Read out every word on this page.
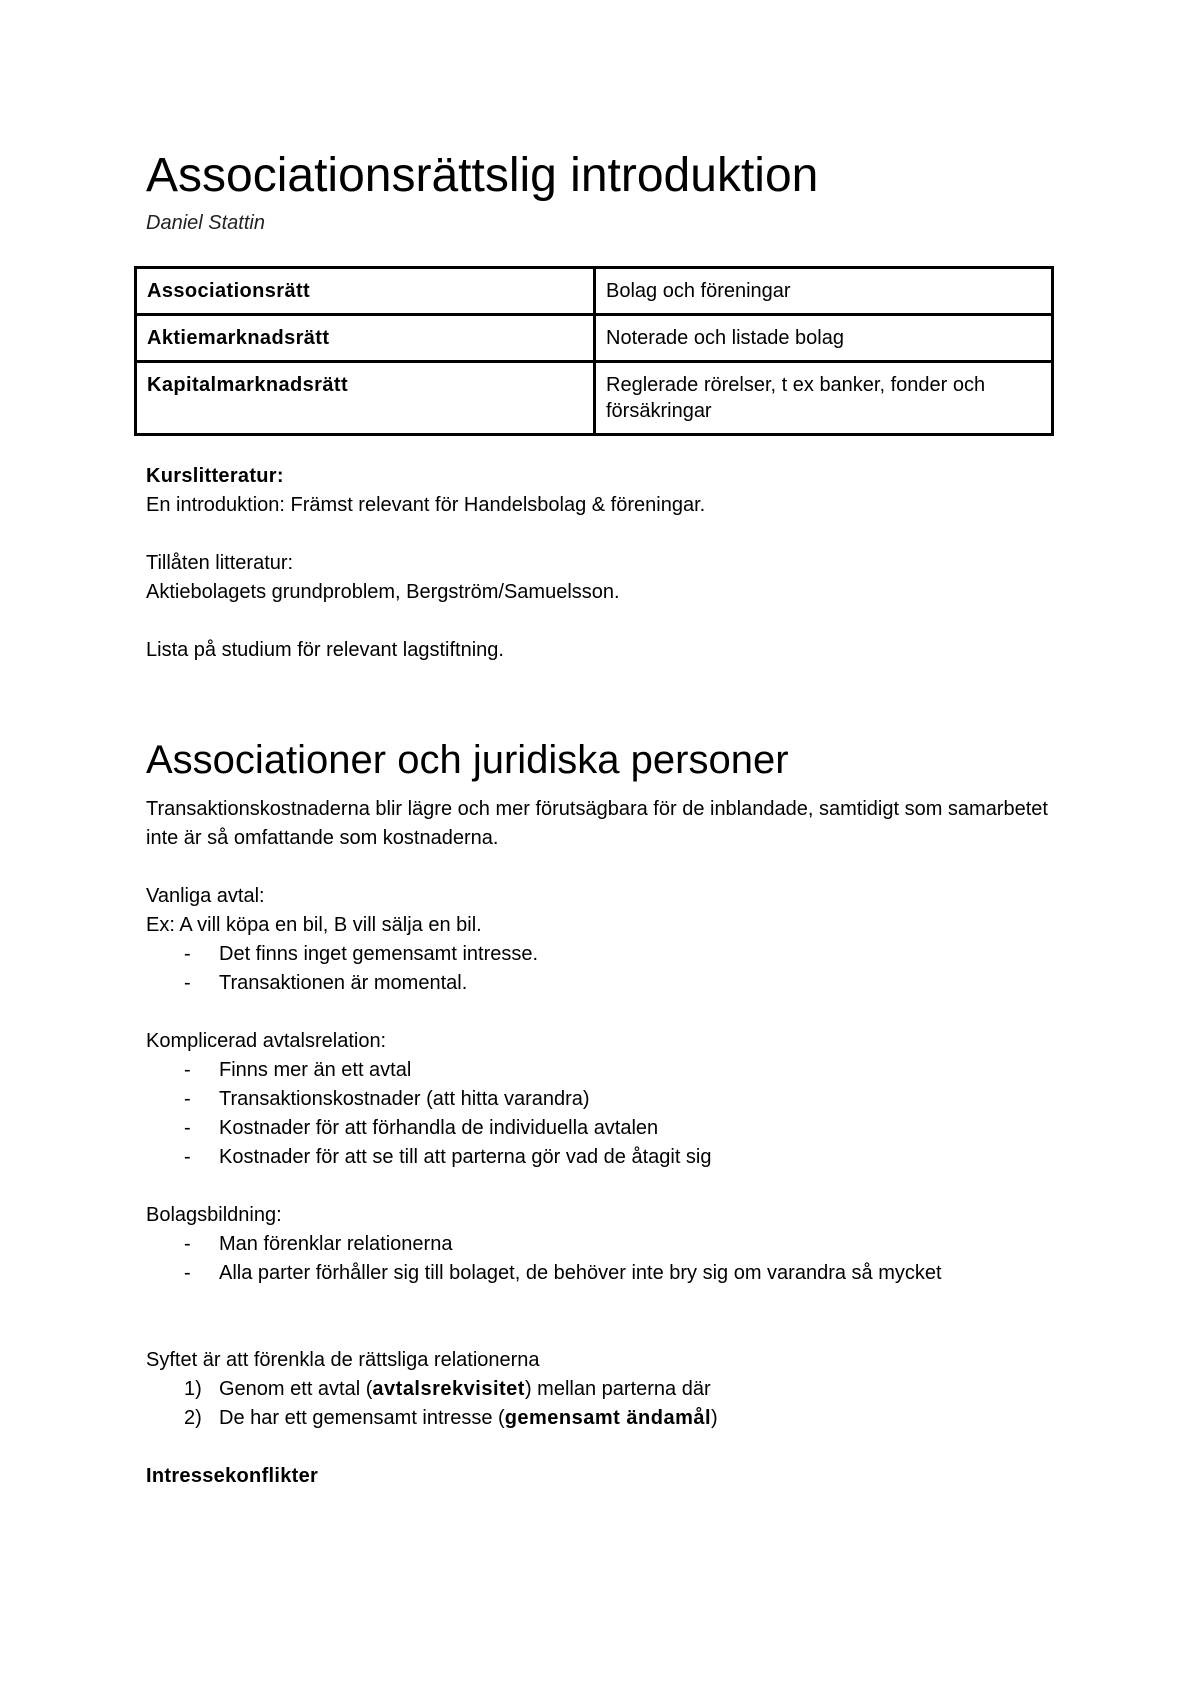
Associationsrättslig introduktion
Daniel Stattin
Associationsrätt	Bolag och föreningar
Aktiemarknadsrätt	Noterade och listade bolag
Kapitalmarknadsrätt	Reglerade rörelser, t ex banker, fonder och försäkringar

Kurslitteratur:

En introduktion: Främst relevant för Handelsbolag & föreningar.

Tillåten litteratur:

Aktiebolagets grundproblem, Bergström/Samuelsson.

Lista på studium för relevant lagstiftning.

Associationer och juridiska personer

Transaktionskostnaderna blir lägre och mer förutsägbara för de inblandade, samtidigt som samarbetet inte är så omfattande som kostnaderna.

Vanliga avtal:

Ex: A vill köpa en bil, B vill sälja en bil.

- Det finns inget gemensamt intresse.
- Transaktionen är momental.

Komplicerad avtalsrelation:

- Finns mer än ett avtal
- Transaktionskostnader (att hitta varandra)
- Kostnader för att förhandla de individuella avtalen
- Kostnader för att se till att parterna gör vad de åtagit sig

Bolagsbildning:

- Man förenklar relationerna
- Alla parter förhåller sig till bolaget, de behöver inte bry sig om varandra så mycket

Syftet är att förenkla de rättsliga relationerna

1) Genom ett avtal (avtalsrekvisitet) mellan parterna där
2) De har ett gemensamt intresse (gemensamt ändamål)

Intressekonflikter
